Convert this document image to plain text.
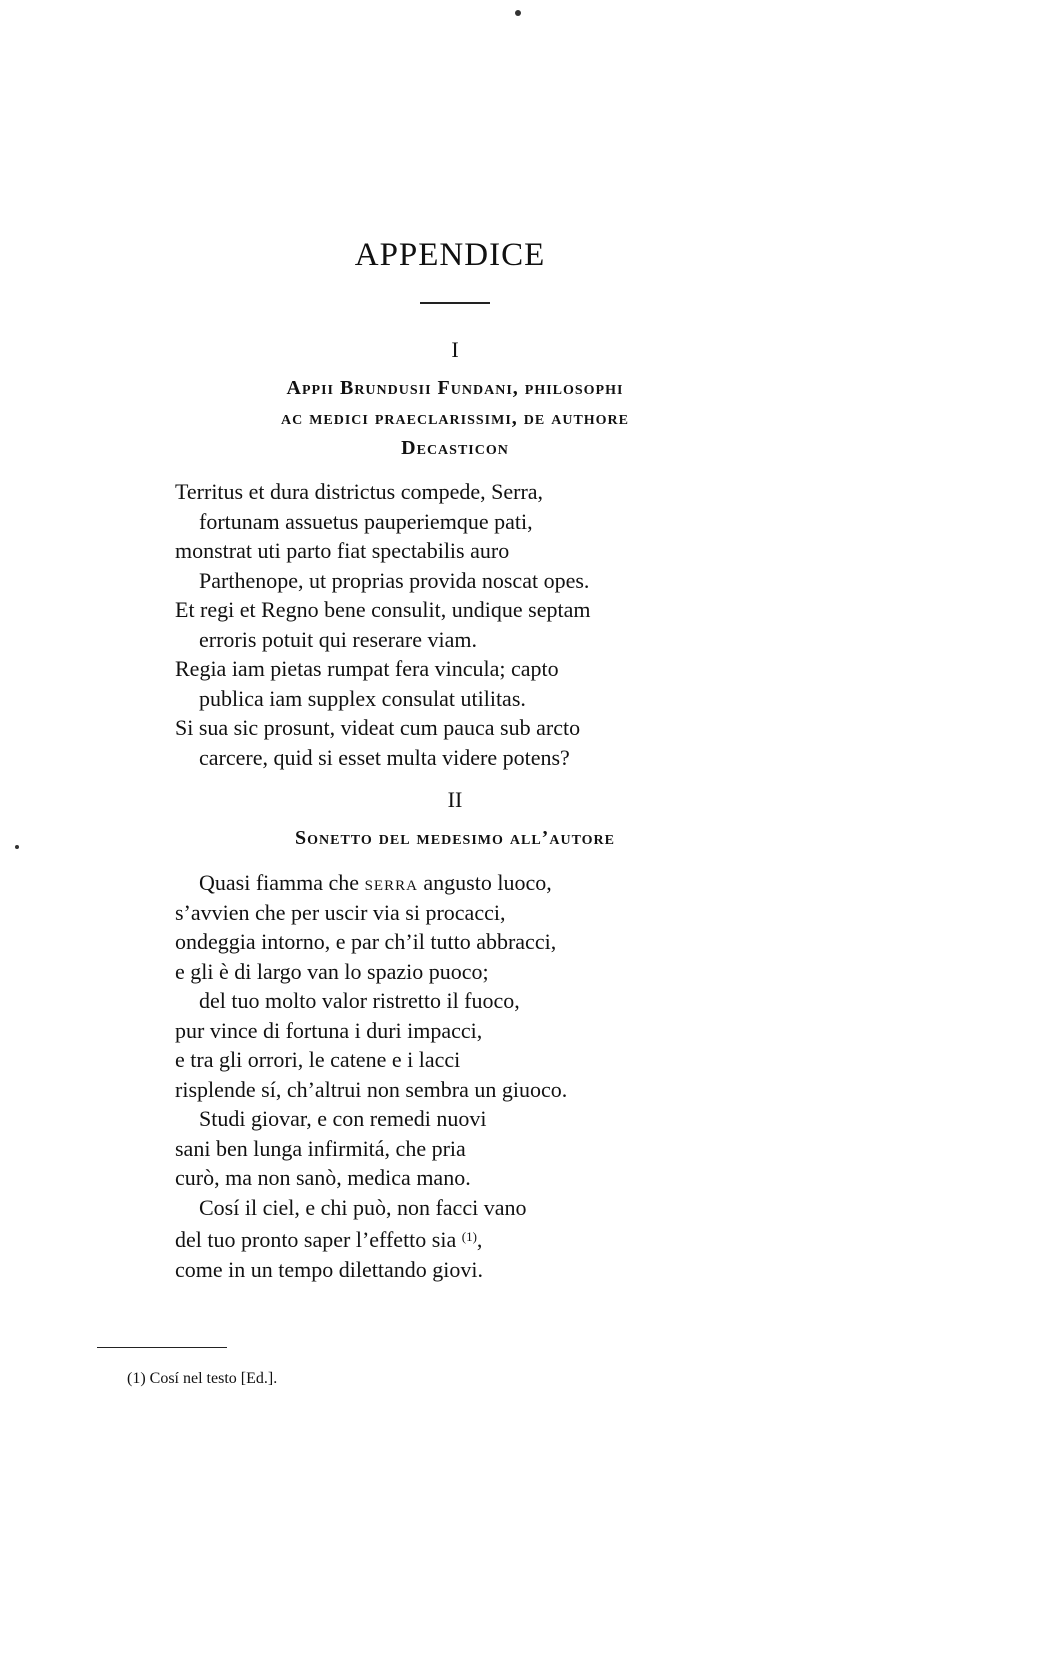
APPENDICE
I
Appii Brundusii Fundani, philosophi
ac medici praeclarissimi, de authore
Decasticon
Territus et dura districtus compede, Serra,
fortunam assuetus pauperiemque pati,
monstrat uti parto fiat spectabilis auro
Parthenope, ut proprias provida noscat opes.
Et regi et Regno bene consulit, undique septam
erroris potuit qui reserare viam.
Regia iam pietas rumpat fera vincula; capto
publica iam supplex consulat utilitas.
Si sua sic prosunt, videat cum pauca sub arcto
carcere, quid si esset multa videre potens?
II
Sonetto del medesimo all’autore
Quasi fiamma che serra angusto luoco,
s’avvien che per uscir via si procacci,
ondeggia intorno, e par ch’il tutto abbracci,
e gli è di largo van lo spazio puoco;
del tuo molto valor ristretto il fuoco,
pur vince di fortuna i duri impacci,
e tra gli orrori, le catene e i lacci
risplende sí, ch’altrui non sembra un giuoco.
Studi giovar, e con remedi nuovi
sani ben lunga infirmitá, che pria
curò, ma non sanò, medica mano.
Cosí il ciel, e chi può, non facci vano
del tuo pronto saper l’effetto sia $^{(1)}$,
come in un tempo dilettando giovi.
(1) Cosí nel testo [Ed.].
